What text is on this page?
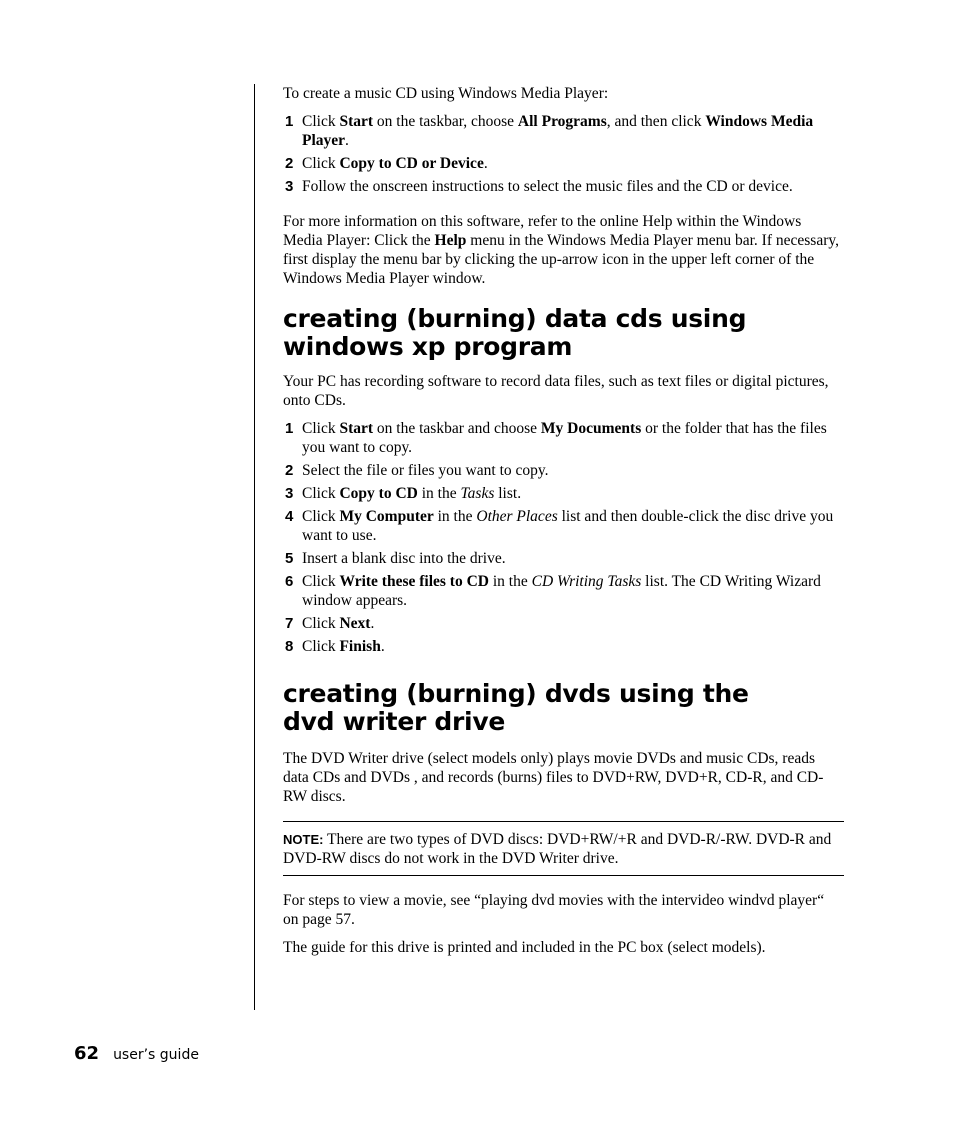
To create a music CD using Windows Media Player:

1 Click Start on the taskbar, choose All Programs, and then click Windows Media Player.
2 Click Copy to CD or Device.
3 Follow the onscreen instructions to select the music files and the CD or device.

For more information on this software, refer to the online Help within the Windows Media Player: Click the Help menu in the Windows Media Player menu bar. If necessary, first display the menu bar by clicking the up-arrow icon in the upper left corner of the Windows Media Player window.

creating (burning) data cds using
windows xp program

Your PC has recording software to record data files, such as text files or digital pictures, onto CDs.

1 Click Start on the taskbar and choose My Documents or the folder that has the files you want to copy.
2 Select the file or files you want to copy.
3 Click Copy to CD in the Tasks list.
4 Click My Computer in the Other Places list and then double-click the disc drive you want to use.
5 Insert a blank disc into the drive.
6 Click Write these files to CD in the CD Writing Tasks list. The CD Writing Wizard window appears.
7 Click Next.
8 Click Finish.
creating (burning) dvds using the
dvd writer drive

The DVD Writer drive (select models only) plays movie DVDs and music CDs, reads data CDs and DVDs , and records (burns) files to DVD+RW, DVD+R, CD-R, and CD-RW discs.

NOTE: There are two types of DVD discs: DVD+RW/+R and DVD-R/-RW. DVD-R and DVD-RW discs do not work in the DVD Writer drive.

For steps to view a movie, see “playing dvd movies with the intervideo windvd player“ on page 57.

The guide for this drive is printed and included in the PC box (select models).

62 user’s guide
